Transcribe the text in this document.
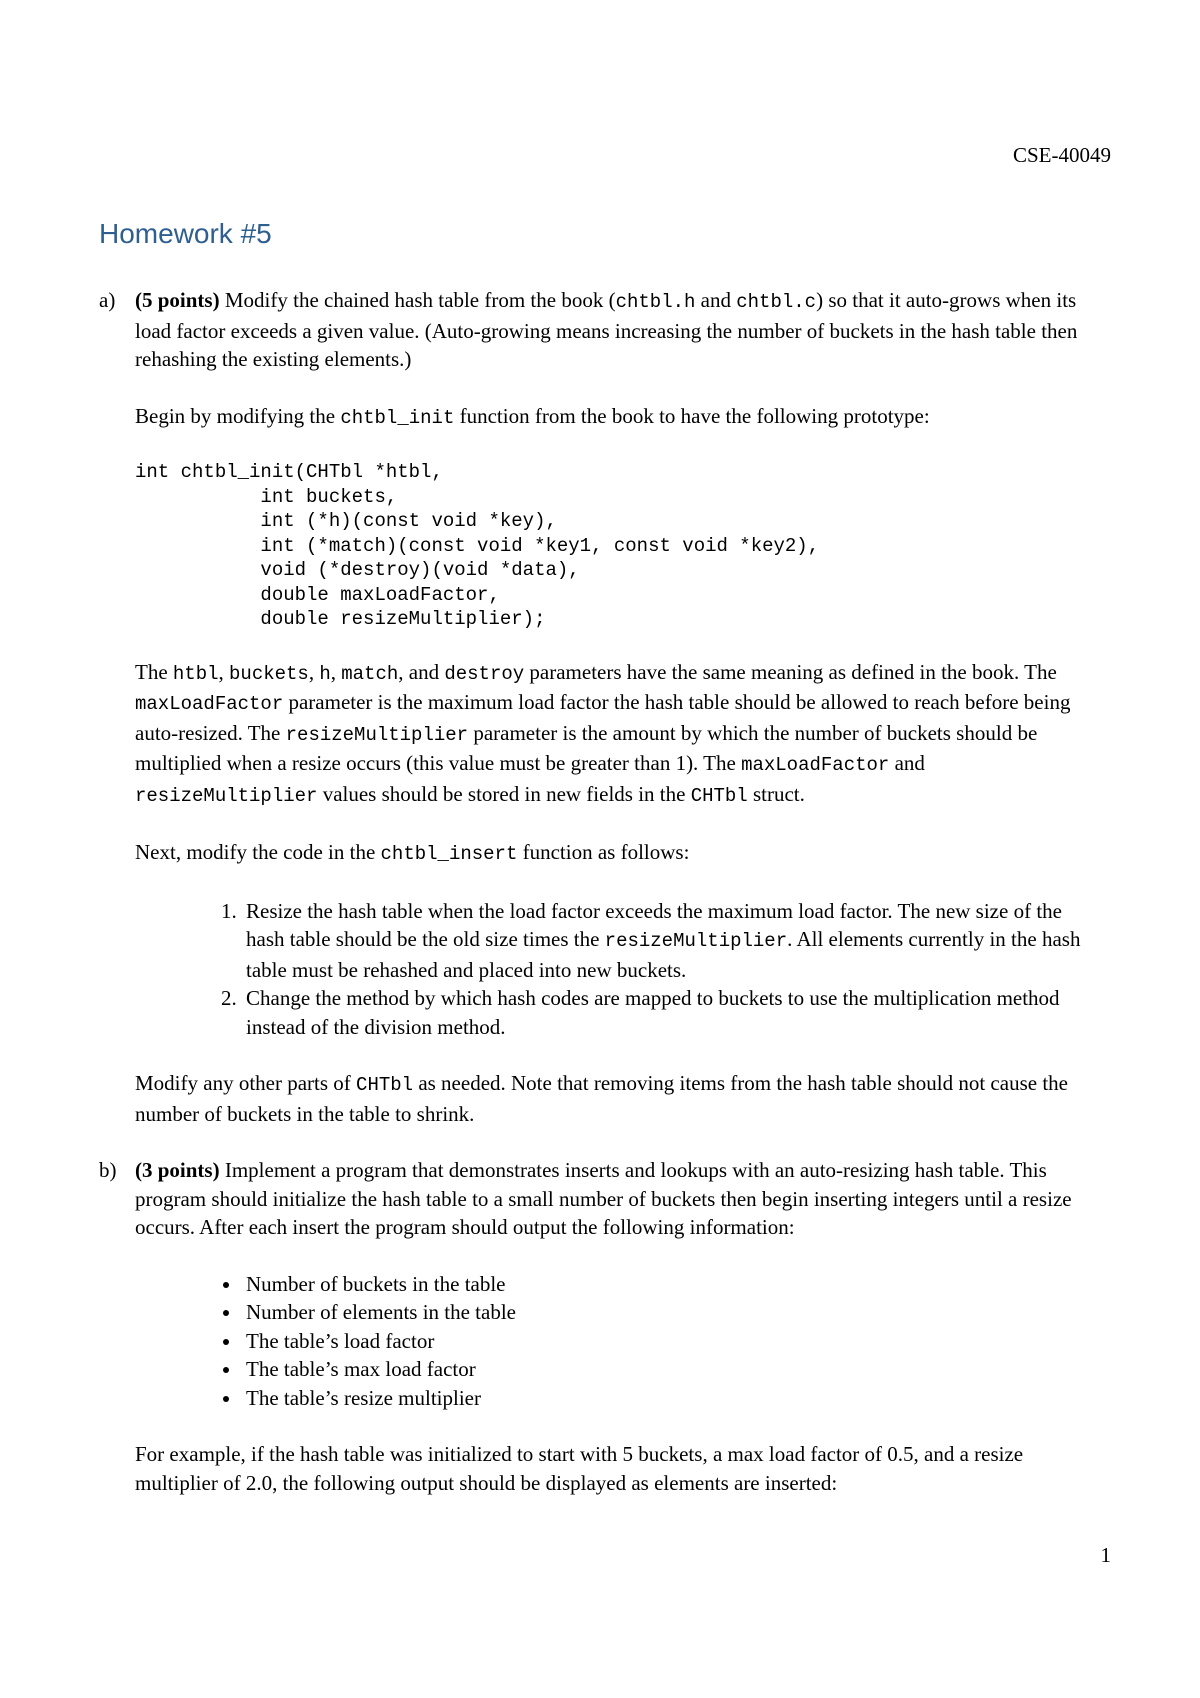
CSE-40049
Homework #5
a) (5 points) Modify the chained hash table from the book (chtbl.h and chtbl.c) so that it auto-grows when its load factor exceeds a given value. (Auto-growing means increasing the number of buckets in the hash table then rehashing the existing elements.)

Begin by modifying the chtbl_init function from the book to have the following prototype:

int chtbl_init(CHTbl *htbl,
int buckets,
int (*h)(const void *key),
int (*match)(const void *key1, const void *key2),
void (*destroy)(void *data),
double maxLoadFactor,
double resizeMultiplier);

The htbl, buckets, h, match, and destroy parameters have the same meaning as defined in the book. The maxLoadFactor parameter is the maximum load factor the hash table should be allowed to reach before being auto-resized. The resizeMultiplier parameter is the amount by which the number of buckets should be multiplied when a resize occurs (this value must be greater than 1). The maxLoadFactor and resizeMultiplier values should be stored in new fields in the CHTbl struct.

Next, modify the code in the chtbl_insert function as follows:

1. Resize the hash table when the load factor exceeds the maximum load factor. The new size of the hash table should be the old size times the resizeMultiplier. All elements currently in the hash table must be rehashed and placed into new buckets.
2. Change the method by which hash codes are mapped to buckets to use the multiplication method instead of the division method.

Modify any other parts of CHTbl as needed. Note that removing items from the hash table should not cause the number of buckets in the table to shrink.

b) (3 points) Implement a program that demonstrates inserts and lookups with an auto-resizing hash table. This program should initialize the hash table to a small number of buckets then begin inserting integers until a resize occurs. After each insert the program should output the following information:

• Number of buckets in the table
• Number of elements in the table
• The table’s load factor
• The table’s max load factor
• The table’s resize multiplier

For example, if the hash table was initialized to start with 5 buckets, a max load factor of 0.5, and a resize multiplier of 2.0, the following output should be displayed as elements are inserted:

1
